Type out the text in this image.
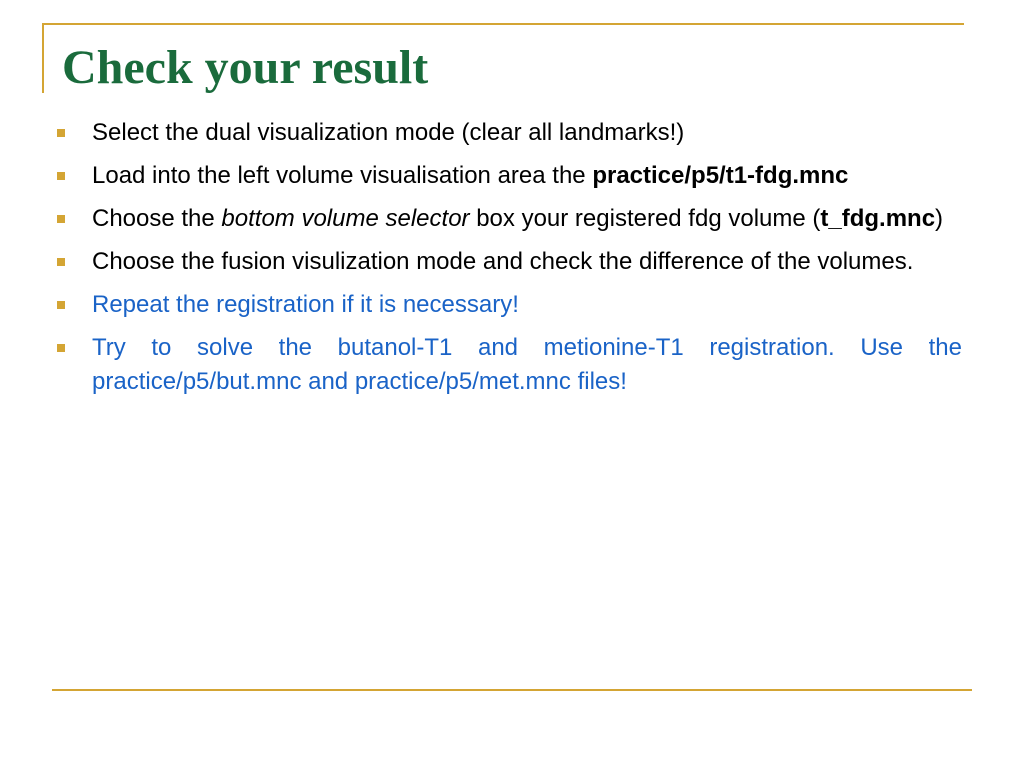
Check your result
Select the dual visualization mode (clear all landmarks!)
Load into the left volume visualisation area the practice/p5/t1-fdg.mnc
Choose the bottom volume selector box your registered fdg volume (t_fdg.mnc)
Choose the fusion visulization mode and check the difference of the volumes.
Repeat the registration if it is necessary!
Try to solve the butanol-T1 and metionine-T1 registration. Use the practice/p5/but.mnc and practice/p5/met.mnc files!
